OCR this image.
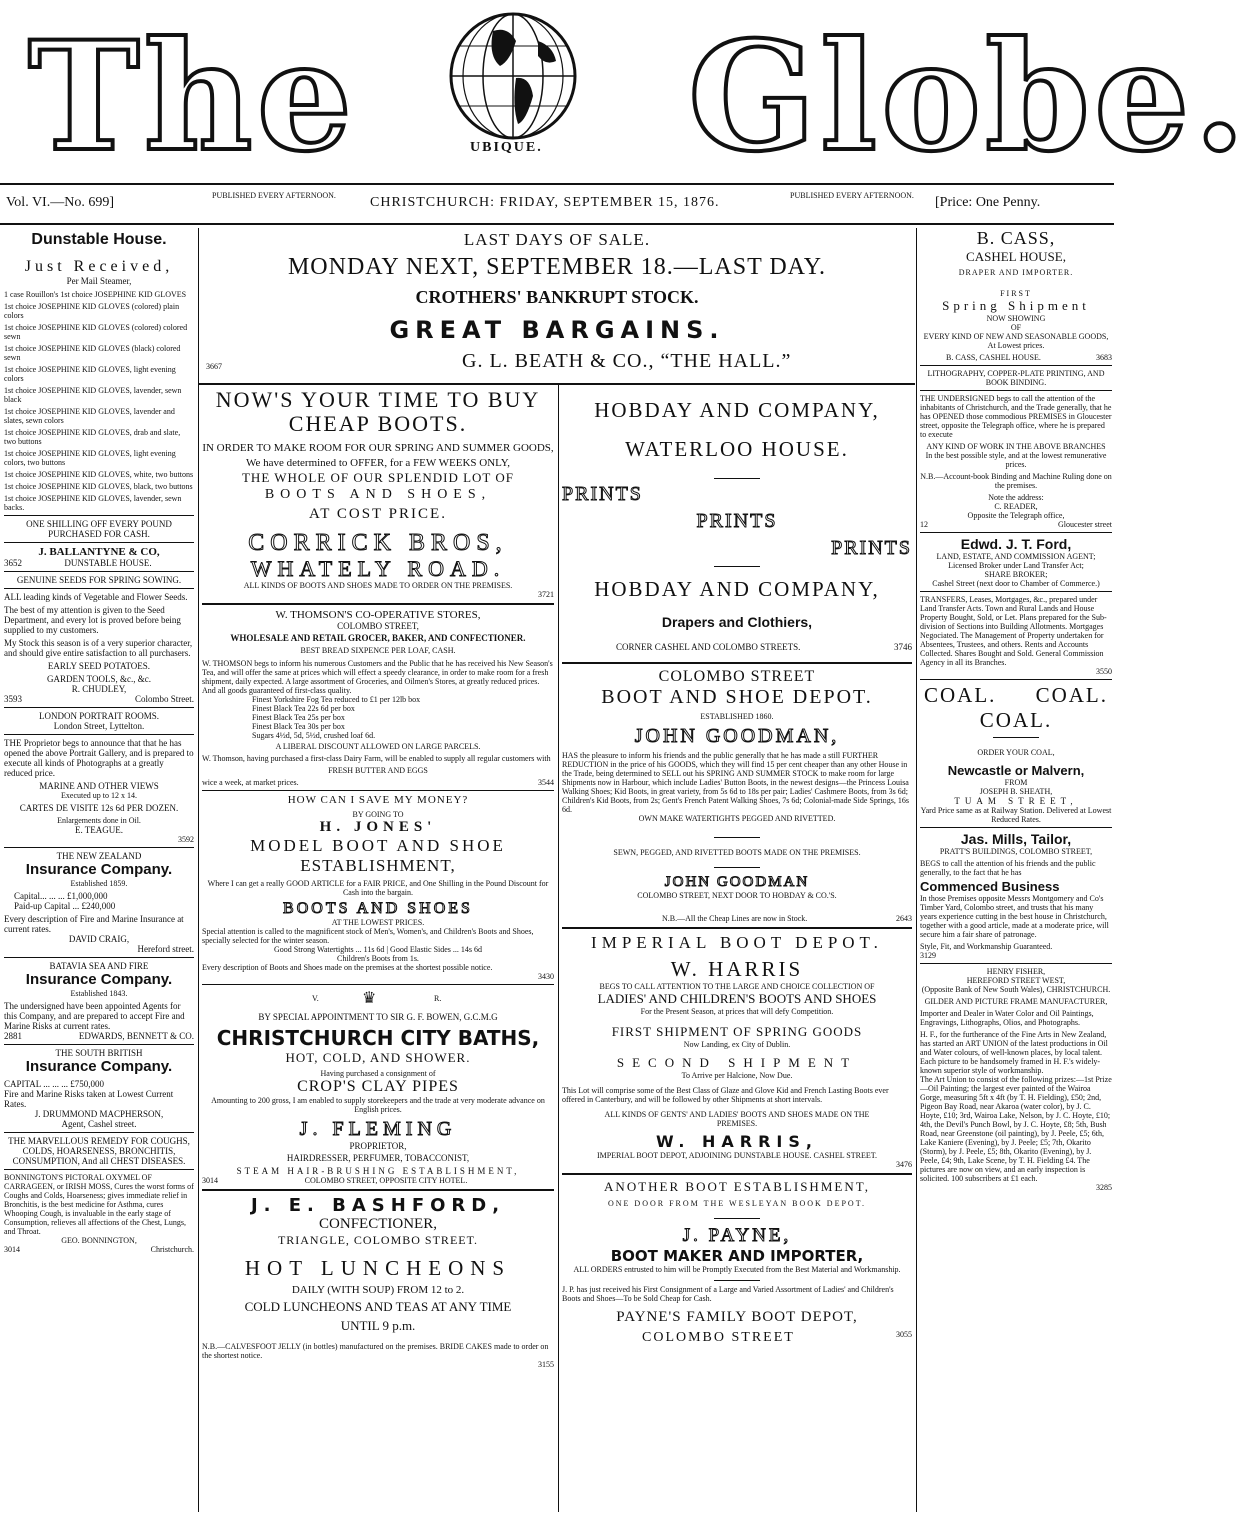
The	UBIQUE. Globe.
Vol. VI.—No. 699]	PUBLISHED EVERY AFTERNOON. CHRISTCHURCH: FRIDAY, SEPTEMBER 15, 1876.	PUBLISHED EVERY AFTERNOON. [Price: One Penny.
Dunstable House.
Just Received,
Per Mail Steamer,
1 case Rouillon's 1st choice JOSEPHINE KID GLOVES
1st choice JOSEPHINE KID GLOVES (colored) plain colors
1st choice JOSEPHINE KID GLOVES (colored) colored sewn
1st choice JOSEPHINE KID GLOVES (black) colored sewn
1st choice JOSEPHINE KID GLOVES, light evening colors
1st choice JOSEPHINE KID GLOVES, lavender, sewn black
1st choice JOSEPHINE KID GLOVES, lavender and slates, sewn colors
1st choice JOSEPHINE KID GLOVES, drab and slate, two buttons
1st choice JOSEPHINE KID GLOVES, light evening colors, two buttons
1st choice JOSEPHINE KID GLOVES, white, two buttons
1st choice JOSEPHINE KID GLOVES, black, two buttons
1st choice JOSEPHINE KID GLOVES, lavender, sewn backs.
ONE SHILLING OFF EVERY POUND PURCHASED FOR CASH.
J. BALLANTYNE & CO,
3652	DUNSTABLE HOUSE.
GENUINE SEEDS FOR SPRING SOWING.

ALL leading kinds of Vegetable and Flower Seeds.

The best of my attention is given to the Seed Department, and every lot is proved before being supplied to my customers.

My Stock this season is of a very superior character, and should give entire satisfaction to all purchasers.

EARLY SEED POTATOES.
GARDEN TOOLS, &c., &c.
R. CHUDLEY,
3593	Colombo Street.
LONDON PORTRAIT ROOMS.
London Street, Lyttelton.

THE Proprietor begs to announce that that he has opened the above Portrait Gallery, and is prepared to execute all kinds of Photographs at a greatly reduced price.

MARINE AND OTHER VIEWS
Executed up to 12 x 14.
CARTES DE VISITE 12s 6d PER DOZEN.
Enlargements done in Oil.
E. TEAGUE.
3592
THE NEW ZEALAND
Insurance Company.
Established 1859.
Capital... ... ... £1,000,000
Paid-up Capital ... £240,000

Every description of Fire and Marine Insurance at current rates.

DAVID CRAIG,
Hereford street.
BATAVIA SEA AND FIRE
Insurance Company.
Established 1843.

The undersigned have been appointed Agents for this Company, and are prepared to accept Fire and Marine Risks at current rates.

2881	EDWARDS, BENNETT & CO.
THE SOUTH BRITISH
Insurance Company.
CAPITAL ... ... ... £750,000

Fire and Marine Risks taken at Lowest Current Rates.

J. DRUMMOND MACPHERSON,
Agent, Cashel street.
THE MARVELLOUS REMEDY FOR COUGHS, COLDS, HOARSENESS, BRONCHITIS, CONSUMPTION, And all CHEST DISEASES.

BONNINGTON'S PICTORAL OXYMEL OF CARRAGEEN, or IRISH MOSS, Cures the worst forms of Coughs and Colds, Hoarseness; gives immediate relief in Bronchitis, is the best medicine for Asthma, cures Whooping Cough, is invaluable in the early stage of Consumption, relieves all affections of the Chest, Lungs, and Throat.

GEO. BONNINGTON,
3014	Christchurch.
LAST DAYS OF SALE.
MONDAY NEXT, SEPTEMBER 18.—LAST DAY.
CROTHERS' BANKRUPT STOCK.
GREAT BARGAINS.
3667	G. L. BEATH & CO., “THE HALL.”
NOW'S YOUR TIME TO BUY CHEAP BOOTS.
IN ORDER TO MAKE ROOM FOR OUR SPRING AND SUMMER GOODS,
We have determined to OFFER, for a FEW WEEKS ONLY,
THE WHOLE OF OUR SPLENDID LOT OF
BOOTS AND SHOES,
AT COST PRICE.
CORRICK BROS,
WHATELY ROAD.
ALL KINDS OF BOOTS AND SHOES MADE TO ORDER ON THE PREMISES.
3721
W. THOMSON'S CO-OPERATIVE STORES,
COLOMBO STREET,
WHOLESALE AND RETAIL GROCER, BAKER, AND CONFECTIONER.
BEST BREAD SIXPENCE PER LOAF, CASH.

W. THOMSON begs to inform his numerous Customers and the Public that he has received his New Season's Tea, and will offer the same at prices which will effect a speedy clearance, in order to make room for a fresh shipment, daily expected. A large assortment of Groceries, and Oilmen's Stores, at greatly reduced prices. And all goods guaranteed of first-class quality.

Finest Yorkshire Fog Tea reduced to £1 per 12lb box
Finest Black Tea 22s 6d per box
Finest Black Tea 25s per box
Finest Black Tea 30s per box
Sugars 4½d, 5d, 5½d, crushed loaf 6d.
A LIBERAL DISCOUNT ALLOWED ON LARGE PARCELS.

W. Thomson, having purchased a first-class Dairy Farm, will be enabled to supply all regular customers with

FRESH BUTTER AND EGGS
wice a week, at market prices.	3544
HOW CAN I SAVE MY MONEY?
BY GOING TO
H. JONES'
MODEL BOOT AND SHOE
ESTABLISHMENT,

Where I can get a really GOOD ARTICLE for a FAIR PRICE, and One Shilling in the Pound Discount for Cash into the bargain.

BOOTS AND SHOES
AT THE LOWEST PRICES.

Special attention is called to the magnificent stock of Men's, Women's, and Children's Boots and Shoes, specially selected for the winter season.

Good Strong Watertights ... 11s 6d | Good Elastic Sides ... 14s 6d
Children's Boots from 1s.

Every description of Boots and Shoes made on the premises at the shortest possible notice.

3430
V.	♛	R.
BY SPECIAL APPOINTMENT TO SIR G. F. BOWEN, G.C.M.G
CHRISTCHURCH CITY BATHS,
HOT, COLD, AND SHOWER.
Having purchased a consignment of
CROP'S CLAY PIPES

Amounting to 200 gross, I am enabled to supply storekeepers and the trade at very moderate advance on English prices.

J. FLEMING
PROPRIETOR,
HAIRDRESSER, PERFUMER, TOBACCONIST,
STEAM HAIR-BRUSHING ESTABLISHMENT,
3014	COLOMBO STREET, OPPOSITE CITY HOTEL.
J. E. BASHFORD,
CONFECTIONER,
TRIANGLE, COLOMBO STREET.
HOT LUNCHEONS
DAILY (WITH SOUP) FROM 12 to 2.
COLD LUNCHEONS AND TEAS AT ANY TIME
UNTIL 9 p.m.

N.B.—CALVESFOOT JELLY (in bottles) manufactured on the premises. BRIDE CAKES made to order on the shortest notice.

3155
HOBDAY AND COMPANY,
WATERLOO HOUSE.
PRINTS
PRINTS
PRINTS
HOBDAY AND COMPANY,
Drapers and Clothiers,
CORNER CASHEL AND COLOMBO STREETS.	3746
COLOMBO STREET
BOOT AND SHOE DEPOT.
ESTABLISHED 1860.
JOHN GOODMAN,

HAS the pleasure to inform his friends and the public generally that he has made a still FURTHER REDUCTION in the price of his GOODS, which they will find 15 per cent cheaper than any other House in the Trade, being determined to SELL out his SPRING AND SUMMER STOCK to make room for large Shipments now in Harbour, which include Ladies' Button Boots, in the newest designs—the Princess Louisa Walking Shoes; Kid Boots, in great variety, from 5s 6d to 18s per pair; Ladies' Cashmere Boots, from 3s 6d; Children's Kid Boots, from 2s; Gent's French Patent Walking Shoes, 7s 6d; Colonial-made Side Springs, 16s 6d.

OWN MAKE WATERTIGHTS PEGGED AND RIVETTED.
SEWN, PEGGED, AND RIVETTED BOOTS MADE ON THE PREMISES.
JOHN GOODMAN
COLOMBO STREET, NEXT DOOR TO HOBDAY & CO.'S.
N.B.—All the Cheap Lines are now in Stock.	2643
IMPERIAL BOOT DEPOT.
W. HARRIS

BEGS TO CALL ATTENTION TO THE LARGE AND CHOICE COLLECTION OF

LADIES' AND CHILDREN'S BOOTS AND SHOES
For the Present Season, at prices that will defy Competition.
FIRST SHIPMENT OF SPRING GOODS
Now Landing, ex City of Dublin.
SECOND SHIPMENT
To Arrive per Halcione, Now Due.

This Lot will comprise some of the Best Class of Glaze and Glove Kid and French Lasting Boots ever offered in Canterbury, and will be followed by other Shipments at short intervals.

ALL KINDS OF GENTS' AND LADIES' BOOTS AND SHOES MADE ON THE PREMISES.
W. HARRIS,
IMPERIAL BOOT DEPOT, ADJOINING DUNSTABLE HOUSE. CASHEL STREET.
3476
ANOTHER BOOT ESTABLISHMENT,
ONE DOOR FROM THE WESLEYAN BOOK DEPOT.
J. PAYNE,
BOOT MAKER AND IMPORTER,

ALL ORDERS entrusted to him will be Promptly Executed from the Best Material and Workmanship.

J. P. has just received his First Consignment of a Large and Varied Assortment of Ladies' and Children's Boots and Shoes—To be Sold Cheap for Cash.

PAYNE'S FAMILY BOOT DEPOT,
COLOMBO STREET	3055
B. CASS,
CASHEL HOUSE,
DRAPER AND IMPORTER.
FIRST
Spring Shipment
NOW SHOWING
OF
EVERY KIND OF NEW AND SEASONABLE GOODS,
At Lowest prices.
B. CASS, CASHEL HOUSE.	3683
LITHOGRAPHY, COPPER-PLATE PRINTING, AND BOOK BINDING.

THE UNDERSIGNED begs to call the attention of the inhabitants of Christchurch, and the Trade generally, that he has OPENED those commodious PREMISES in Gloucester street, opposite the Telegraph office, where he is prepared to execute

ANY KIND OF WORK IN THE ABOVE BRANCHES
In the best possible style, and at the lowest remunerative prices.
N.B.—Account-book Binding and Machine Ruling done on the premises.
Note the address:
C. READER,
Opposite the Telegraph office,
12	Gloucester street
Edwd. J. T. Ford,
LAND, ESTATE, AND COMMISSION AGENT;
Licensed Broker under Land Transfer Act;
SHARE BROKER;
Cashel Street (next door to Chamber of Commerce.)

TRANSFERS, Leases, Mortgages, &c., prepared under Land Transfer Acts. Town and Rural Lands and House Property Bought, Sold, or Let. Plans prepared for the Sub-division of Sections into Building Allotments. Mortgages Negociated. The Management of Property undertaken for Absentees, Trustees, and others. Rents and Accounts Collected. Shares Bought and Sold. General Commission Agency in all its Branches.

3550
COAL. COAL.
COAL.
ORDER YOUR COAL,
Newcastle or Malvern,
FROM
JOSEPH B. SHEATH,
TUAM STREET,
Yard Price same as at Railway Station. Delivered at Lowest Reduced Rates.
Jas. Mills, Tailor,
PRATT'S BUILDINGS, COLOMBO STREET,

BEGS to call the attention of his friends and the public generally, to the fact that he has

Commenced Business

In those Premises opposite Messrs Montgomery and Co's Timber Yard, Colombo street, and trusts that his many years experience cutting in the best house in Christchurch, together with a good article, made at a moderate price, will secure him a fair share of patronage.

Style, Fit, and Workmanship Guaranteed.
3129
HENRY FISHER,
HEREFORD STREET WEST,
(Opposite Bank of New South Wales), CHRISTCHURCH.
GILDER AND PICTURE FRAME MANUFACTURER,

Importer and Dealer in Water Color and Oil Paintings, Engravings, Lithographs, Olios, and Photographs.

H. F., for the furtherance of the Fine Arts in New Zealand, has started an ART UNION of the latest productions in Oil and Water colours, of well-known places, by local talent. Each picture to be handsomely framed in H. F.'s widely-known superior style of workmanship.

The Art Union to consist of the following prizes:—1st Prize—Oil Painting; the largest ever painted of the Wairoa Gorge, measuring 5ft x 4ft (by T. H. Fielding), £50; 2nd, Pigeon Bay Road, near Akaroa (water color), by J. C. Hoyte, £10; 3rd, Wairoa Lake, Nelson, by J. C. Hoyte, £10; 4th, the Devil's Punch Bowl, by J. C. Hoyte, £8; 5th, Bush Road, near Greenstone (oil painting), by J. Peele, £5; 6th, Lake Kaniere (Evening), by J. Peele; £5; 7th, Okarito (Storm), by J. Peele, £5; 8th, Okarito (Evening), by J. Peele, £4; 9th, Lake Scene, by T. H. Fielding £4. The pictures are now on view, and an early inspection is solicited. 100 subscribers at £1 each.

3285
